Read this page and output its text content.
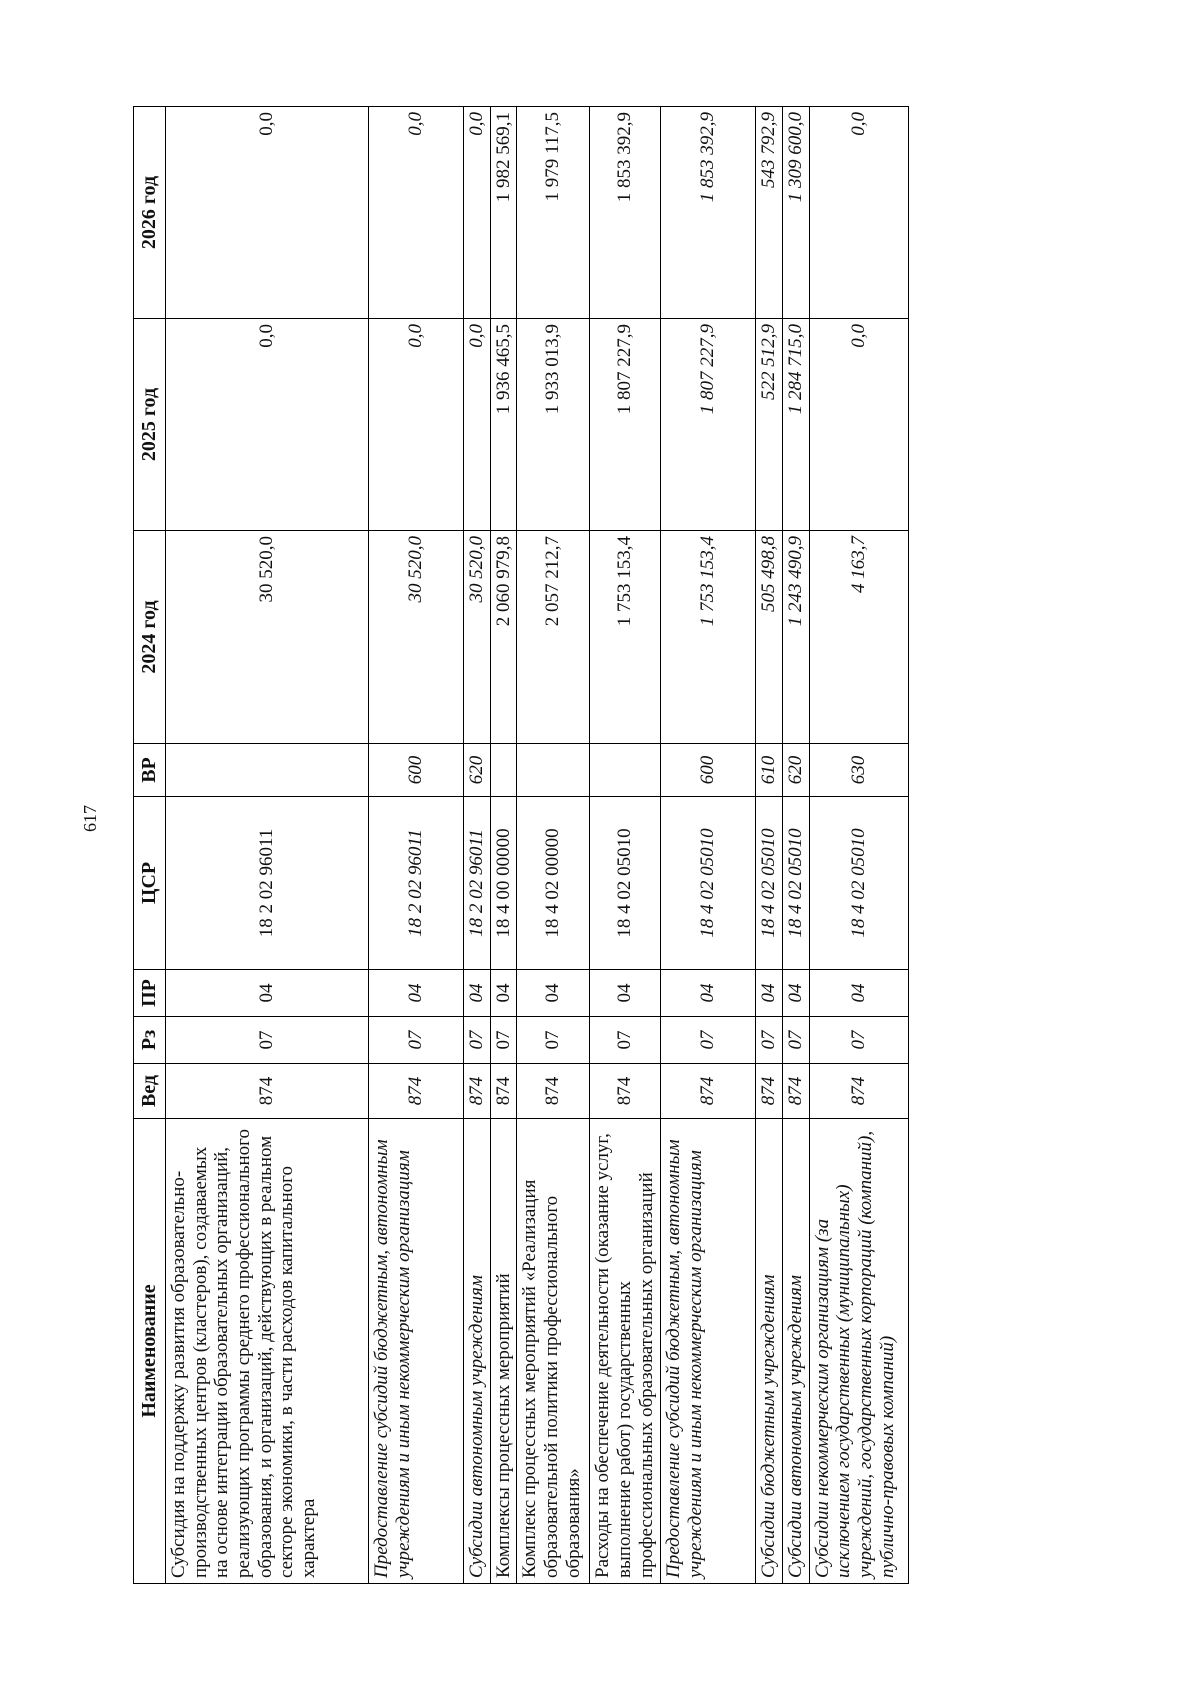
617
Наименование	Вед	Рз	ПР	ЦСР	ВР	2024 год	2025 год	2026 год
Субсидия на поддержку развития образовательно-производственных центров (кластеров), создаваемых на основе интеграции образовательных организаций, реализующих программы среднего профессионального образования, и организаций, действующих в реальном секторе экономики, в части расходов капитального характера	874	07	04	18 2 02 96011		30 520,0	0,0	0,0
Предоставление субсидий бюджетным, автономным учреждениям и иным некоммерческим организациям	874	07	04	18 2 02 96011	600	30 520,0	0,0	0,0
Субсидии автономным учреждениям	874	07	04	18 2 02 96011	620	30 520,0	0,0	0,0
Комплексы процессных мероприятий	874	07	04	18 4 00 00000		2 060 979,8	1 936 465,5	1 982 569,1
Комплекс процессных мероприятий «Реализация образовательной политики профессионального образования»	874	07	04	18 4 02 00000		2 057 212,7	1 933 013,9	1 979 117,5
Расходы на обеспечение деятельности (оказание услуг, выполнение работ) государственных профессиональных образовательных организаций	874	07	04	18 4 02 05010		1 753 153,4	1 807 227,9	1 853 392,9
Предоставление субсидий бюджетным, автономным учреждениям и иным некоммерческим организациям	874	07	04	18 4 02 05010	600	1 753 153,4	1 807 227,9	1 853 392,9
Субсидии бюджетным учреждениям	874	07	04	18 4 02 05010	610	505 498,8	522 512,9	543 792,9
Субсидии автономным учреждениям	874	07	04	18 4 02 05010	620	1 243 490,9	1 284 715,0	1 309 600,0
Субсидии некоммерческим организациям (за исключением государственных (муниципальных) учреждений, государственных корпораций (компаний), публично-правовых компаний)	874	07	04	18 4 02 05010	630	4 163,7	0,0	0,0
